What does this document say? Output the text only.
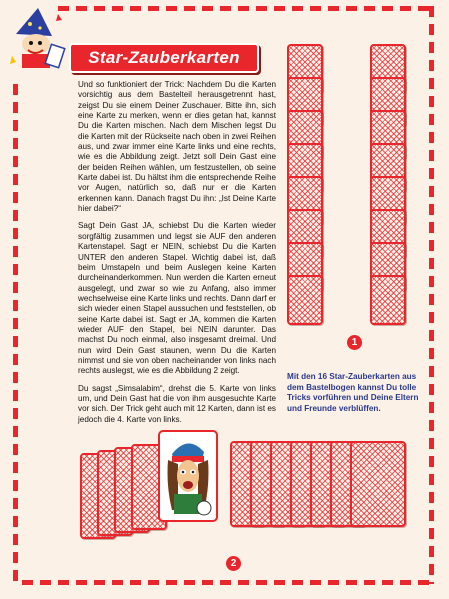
Star-Zauberkarten

Und so funktioniert der Trick: Nachdem Du die Karten vorsichtig aus dem Bastelteil herausgetrennt hast, zeigst Du sie einem Deiner Zuschauer. Bitte ihn, sich eine Karte zu merken, wenn er dies getan hat, kannst Du die Karten mischen. Nach dem Mischen legst Du die Karten mit der Rückseite nach oben in zwei Reihen aus, und zwar immer eine Karte links und eine rechts, wie es die Abbildung zeigt. Jetzt soll Dein Gast eine der beiden Reihen wählen, um festzustellen, ob seine Karte dabei ist. Du hältst ihm die entsprechende Reihe vor Augen, natürlich so, daß nur er die Karten erkennen kann. Danach fragst Du ihn: „Ist Deine Karte hier dabei?“

Sagt Dein Gast JA, schiebst Du die Karten wieder sorgfältig zusammen und legst sie AUF den anderen Kartenstapel. Sagt er NEIN, schiebst Du die Karten UNTER den anderen Stapel. Wichtig dabei ist, daß beim Umstapeln und beim Auslegen keine Karten durcheinanderkommen. Nun werden die Karten erneut ausgelegt, und zwar so wie zu Anfang, also immer wechselweise eine Karte links und rechts. Dann darf er sich wieder einen Stapel aussuchen und feststellen, ob seine Karte dabei ist. Sagt er JA, kommen die Karten wieder AUF den Stapel, bei NEIN darunter. Das machst Du noch einmal, also insgesamt dreimal. Und nun wird Dein Gast staunen, wenn Du die Karten nimmst und sie von oben nacheinander von links nach rechts auslegst, wie es die Abbildung 2 zeigt.

Du sagst „Simsalabim“, drehst die 5. Karte von links um, und Dein Gast hat die von ihm ausgesuchte Karte vor sich. Der Trick geht auch mit 12 Karten, dann ist es jedoch die 4. Karte von links.

1
Mit den 16 Star-Zauberkarten aus dem Bastelbogen kannst Du tolle Tricks vorführen und Deine Eltern und Freunde verblüffen.
2
